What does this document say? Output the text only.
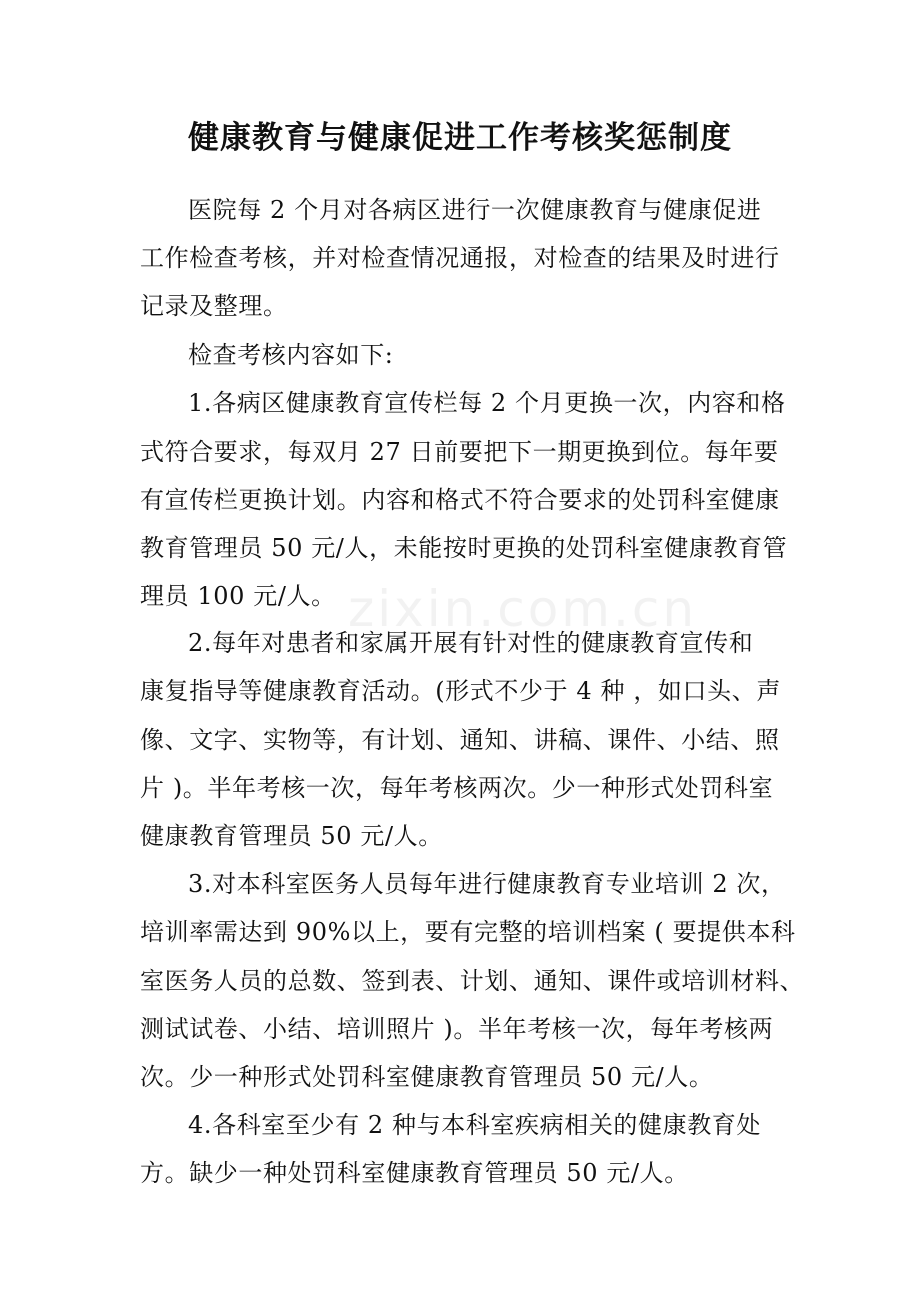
健康教育与健康促进工作考核奖惩制度
zixin.com.cn
医院每 2 个月对各病区进行一次健康教育与健康促进
工作检查考核，并对检查情况通报，对检查的结果及时进行
记录及整理。
检查考核内容如下:
1.各病区健康教育宣传栏每 2 个月更换一次，内容和格
式符合要求，每双月 27 日前要把下一期更换到位。每年要
有宣传栏更换计划。内容和格式不符合要求的处罚科室健康
教育管理员 50 元/人，未能按时更换的处罚科室健康教育管
理员 100 元/人。
2.每年对患者和家属开展有针对性的健康教育宣传和
康复指导等健康教育活动。(形式不少于 4 种 ，如口头、声
像、文字、实物等，有计划、通知、讲稿、课件、小结、照
片 )。半年考核一次，每年考核两次。少一种形式处罚科室
健康教育管理员 50 元/人。
3.对本科室医务人员每年进行健康教育专业培训 2 次，
培训率需达到 90%以上，要有完整的培训档案 ( 要提供本科
室医务人员的总数、签到表、计划、通知、课件或培训材料、
测试试卷、小结、培训照片 )。半年考核一次，每年考核两
次。少一种形式处罚科室健康教育管理员 50 元/人。
4.各科室至少有 2 种与本科室疾病相关的健康教育处
方。缺少一种处罚科室健康教育管理员 50 元/人。
